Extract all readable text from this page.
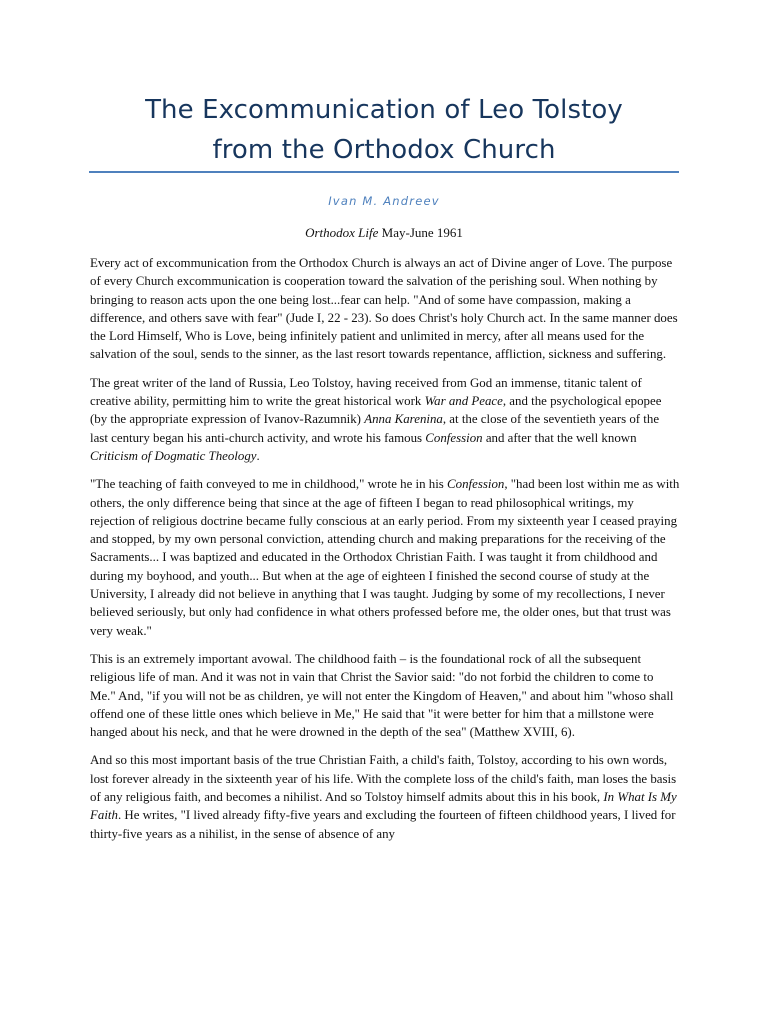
The Excommunication of Leo Tolstoy
from the Orthodox Church
Ivan M. Andreev
Orthodox Life May-June 1961

Every act of excommunication from the Orthodox Church is always an act of Divine anger of Love. The purpose of every Church excommunication is cooperation toward the salvation of the perishing soul. When nothing by bringing to reason acts upon the one being lost...fear can help. "And of some have compassion, making a difference, and others save with fear" (Jude I, 22 - 23). So does Christ's holy Church act. In the same manner does the Lord Himself, Who is Love, being infinitely patient and unlimited in mercy, after all means used for the salvation of the soul, sends to the sinner, as the last resort towards repentance, affliction, sickness and suffering.

The great writer of the land of Russia, Leo Tolstoy, having received from God an immense, titanic talent of creative ability, permitting him to write the great historical work War and Peace, and the psychological epopee (by the appropriate expression of Ivanov-Razumnik) Anna Karenina, at the close of the seventieth years of the last century began his anti-church activity, and wrote his famous Confession and after that the well known Criticism of Dogmatic Theology.

"The teaching of faith conveyed to me in childhood," wrote he in his Confession, "had been lost within me as with others, the only difference being that since at the age of fifteen I began to read philosophical writings, my rejection of religious doctrine became fully conscious at an early period. From my sixteenth year I ceased praying and stopped, by my own personal conviction, attending church and making preparations for the receiving of the Sacraments... I was baptized and educated in the Orthodox Christian Faith. I was taught it from childhood and during my boyhood, and youth... But when at the age of eighteen I finished the second course of study at the University, I already did not believe in anything that I was taught. Judging by some of my recollections, I never believed seriously, but only had confidence in what others professed before me, the older ones, but that trust was very weak."

This is an extremely important avowal. The childhood faith – is the foundational rock of all the subsequent religious life of man. And it was not in vain that Christ the Savior said: "do not forbid the children to come to Me." And, "if you will not be as children, ye will not enter the Kingdom of Heaven," and about him "whoso shall offend one of these little ones which believe in Me," He said that "it were better for him that a millstone were hanged about his neck, and that he were drowned in the depth of the sea" (Matthew XVIII, 6).

And so this most important basis of the true Christian Faith, a child's faith, Tolstoy, according to his own words, lost forever already in the sixteenth year of his life. With the complete loss of the child's faith, man loses the basis of any religious faith, and becomes a nihilist. And so Tolstoy himself admits about this in his book, In What Is My Faith. He writes, "I lived already fifty-five years and excluding the fourteen of fifteen childhood years, I lived for thirty-five years as a nihilist, in the sense of absence of any
